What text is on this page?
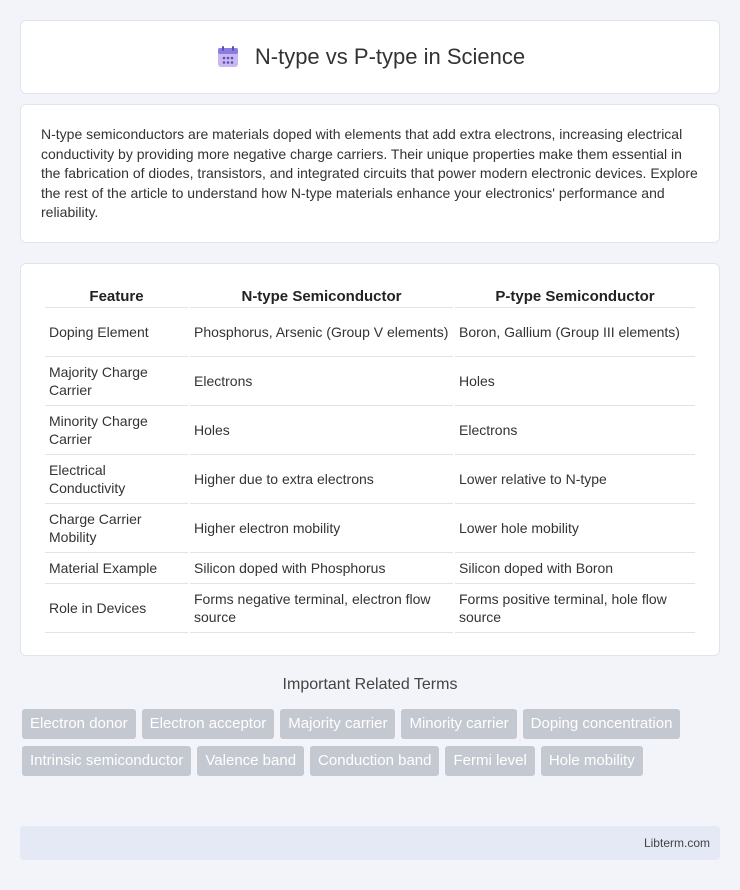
N-type vs P-type in Science

N-type semiconductors are materials doped with elements that add extra electrons, increasing electrical conductivity by providing more negative charge carriers. Their unique properties make them essential in the fabrication of diodes, transistors, and integrated circuits that power modern electronic devices. Explore the rest of the article to understand how N-type materials enhance your electronics' performance and reliability.

Feature	N-type Semiconductor	P-type Semiconductor
Doping Element	Phosphorus, Arsenic (Group V elements)	Boron, Gallium (Group III elements)
Majority Charge Carrier	Electrons	Holes
Minority Charge Carrier	Holes	Electrons
Electrical Conductivity	Higher due to extra electrons	Lower relative to N-type
Charge Carrier Mobility	Higher electron mobility	Lower hole mobility
Material Example	Silicon doped with Phosphorus	Silicon doped with Boron
Role in Devices	Forms negative terminal, electron flow source	Forms positive terminal, hole flow source
Important Related Terms
Electron donor	Electron acceptor	Majority carrier	Minority carrier	Doping concentration
Intrinsic semiconductor	Valence band	Conduction band	Fermi level	Hole mobility
Libterm.com
